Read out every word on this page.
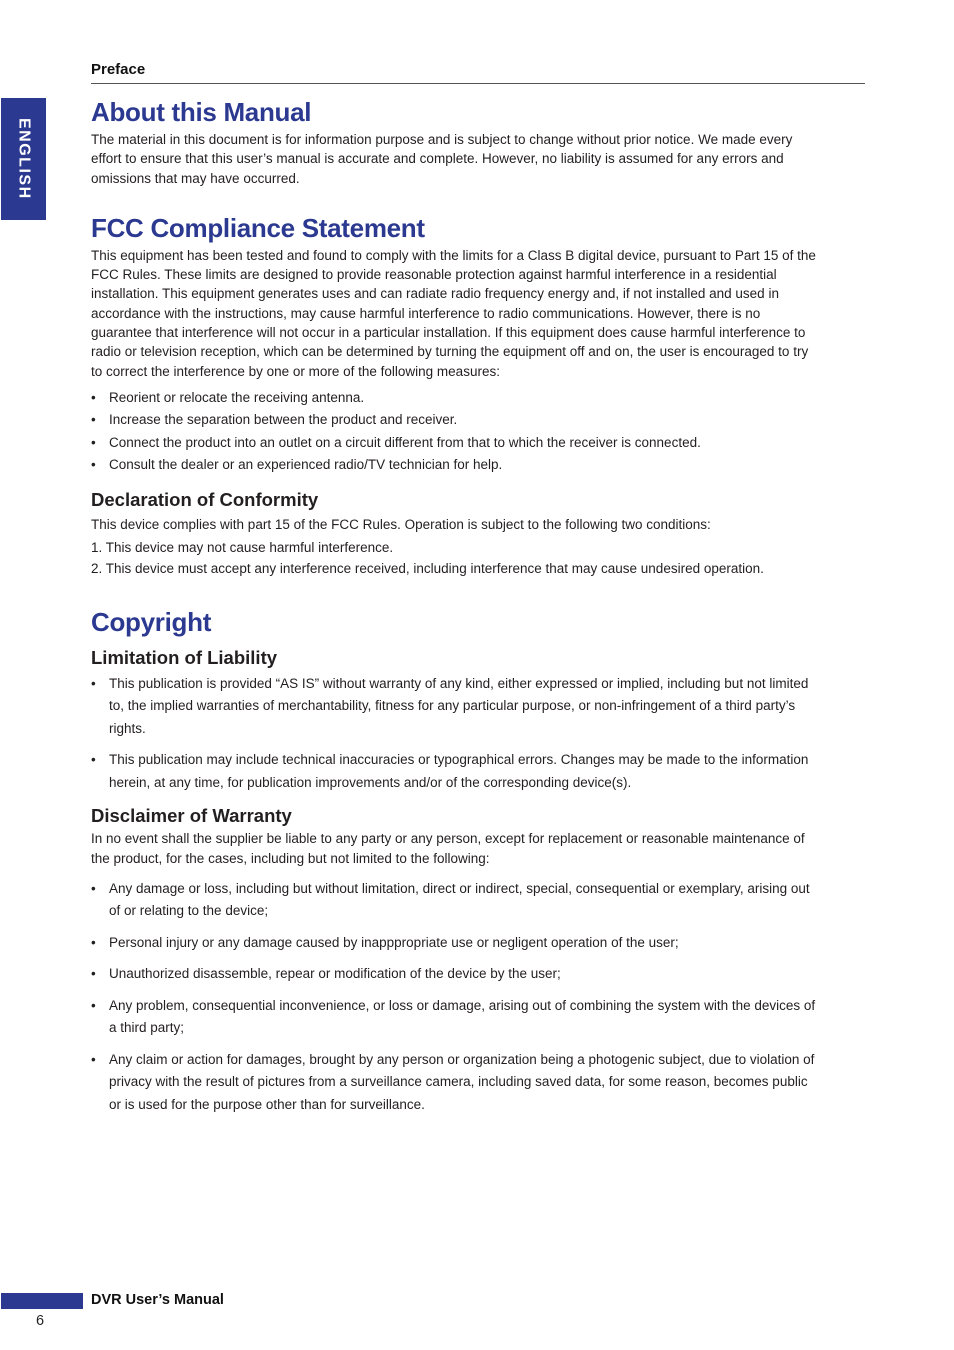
Preface
ENGLISH
About this Manual

The material in this document is for information purpose and is subject to change without prior notice. We made every effort to ensure that this user’s manual is accurate and complete. However, no liability is assumed for any errors and omissions that may have occurred.

FCC Compliance Statement

This equipment has been tested and found to comply with the limits for a Class B digital device, pursuant to Part 15 of the FCC Rules. These limits are designed to provide reasonable protection against harmful interference in a residential installation. This equipment generates uses and can radiate radio frequency energy and, if not installed and used in accordance with the instructions, may cause harmful interference to radio communications. However, there is no guarantee that interference will not occur in a particular installation. If this equipment does cause harmful interference to radio or television reception, which can be determined by turning the equipment off and on, the user is encouraged to try to correct the interference by one or more of the following measures:

• Reorient or relocate the receiving antenna.
• Increase the separation between the product and receiver.
• Connect the product into an outlet on a circuit different from that to which the receiver is connected.
• Consult the dealer or an experienced radio/TV technician for help.
Declaration of Conformity

This device complies with part 15 of the FCC Rules. Operation is subject to the following two conditions:

1. This device may not cause harmful interference.

2. This device must accept any interference received, including interference that may cause undesired operation.

Copyright
Limitation of Liability
• This publication is provided “AS IS” without warranty of any kind, either expressed or implied, including but not limited to, the implied warranties of merchantability, fitness for any particular purpose, or non-infringement of a third party’s rights.
• This publication may include technical inaccuracies or typographical errors. Changes may be made to the information herein, at any time, for publication improvements and/or of the corresponding device(s).
Disclaimer of Warranty

In no event shall the supplier be liable to any party or any person, except for replacement or reasonable maintenance of the product, for the cases, including but not limited to the following:

• Any damage or loss, including but without limitation, direct or indirect, special, consequential or exemplary, arising out of or relating to the device;
• Personal injury or any damage caused by inapppropriate use or negligent operation of the user;
• Unauthorized disassemble, repear or modification of the device by the user;
• Any problem, consequential inconvenience, or loss or damage, arising out of combining the system with the devices of a third party;
• Any claim or action for damages, brought by any person or organization being a photogenic subject, due to violation of privacy with the result of pictures from a surveillance camera, including saved data, for some reason, becomes public or is used for the purpose other than for surveillance.
DVR User’s Manual
6
